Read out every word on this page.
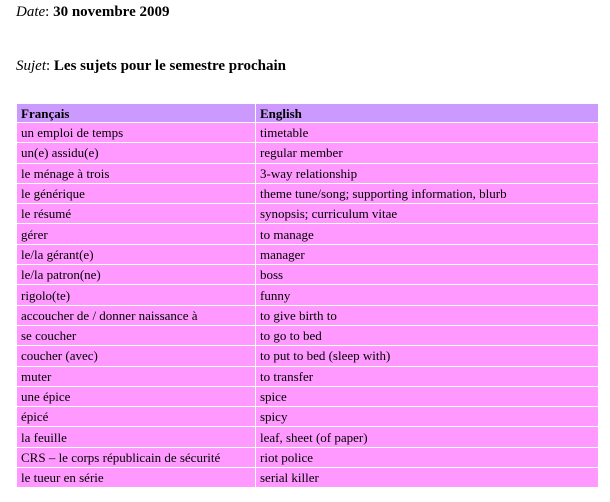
Date: 30 novembre 2009
Sujet: Les sujets pour le semestre prochain
Français	English
un emploi de temps	timetable
un(e) assidu(e)	regular member
le ménage à trois	3-way relationship
le générique	theme tune/song; supporting information, blurb
le résumé	synopsis; curriculum vitae
gérer	to manage
le/la gérant(e)	manager
le/la patron(ne)	boss
rigolo(te)	funny
accoucher de / donner naissance à	to give birth to
se coucher	to go to bed
coucher (avec)	to put to bed (sleep with)
muter	to transfer
une épice	spice
épicé	spicy
la feuille	leaf, sheet (of paper)
CRS – le corps républicain de sécurité	riot police
le tueur en série	serial killer
